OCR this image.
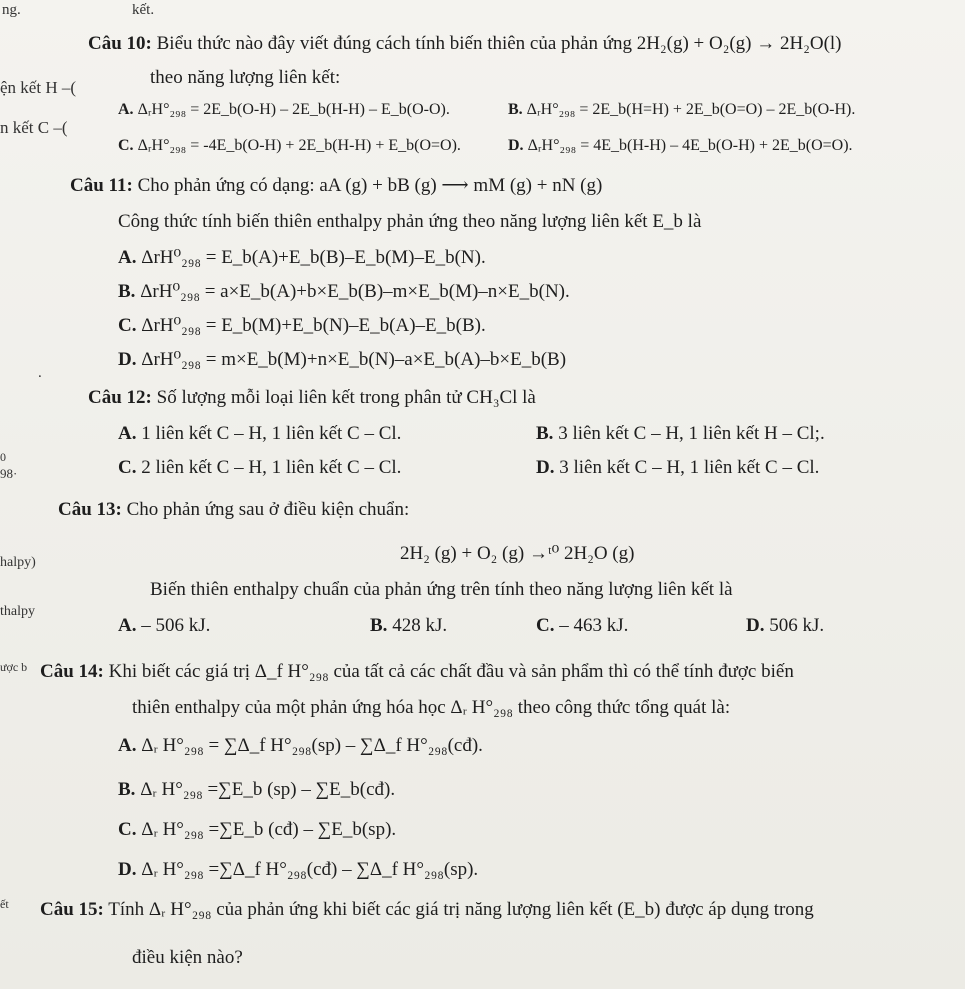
ng.	kết.
ện kết H –(
n kết C –(
.
0
98·
halpy)
thalpy
ược b
ết
Câu 10: Biểu thức nào đây viết đúng cách tính biến thiên của phản ứng 2H₂(g) + O₂(g) → 2H₂O(l)
theo năng lượng liên kết:
A. ΔᵣH°₂₉₈ = 2E_b(O-H) – 2E_b(H-H) – E_b(O-O).	B. ΔᵣH°₂₉₈ = 2E_b(H=H) + 2E_b(O=O) – 2E_b(O-H).
C. ΔᵣH°₂₉₈ = -4E_b(O-H) + 2E_b(H-H) + E_b(O=O).	D. ΔᵣH°₂₉₈ = 4E_b(H-H) – 4E_b(O-H) + 2E_b(O=O).
Câu 11: Cho phản ứng có dạng: aA (g) + bB (g) ⟶ mM (g) + nN (g)
Công thức tính biến thiên enthalpy phản ứng theo năng lượng liên kết E_b là
A. ΔrH⁰₂₉₈ = E_b(A)+E_b(B)–E_b(M)–E_b(N).
B. ΔrH⁰₂₉₈ = a×E_b(A)+b×E_b(B)–m×E_b(M)–n×E_b(N).
C. ΔrH⁰₂₉₈ = E_b(M)+E_b(N)–E_b(A)–E_b(B).
D. ΔrH⁰₂₉₈ = m×E_b(M)+n×E_b(N)–a×E_b(A)–b×E_b(B)
Câu 12: Số lượng mỗi loại liên kết trong phân tử CH₃Cl là
A. 1 liên kết C – H, 1 liên kết C – Cl.	B. 3 liên kết C – H, 1 liên kết H – Cl;.
C. 2 liên kết C – H, 1 liên kết C – Cl.	D. 3 liên kết C – H, 1 liên kết C – Cl.
Câu 13: Cho phản ứng sau ở điều kiện chuẩn:
2H₂ (g) + O₂ (g) →ᵗ⁰ 2H₂O (g)
Biến thiên enthalpy chuẩn của phản ứng trên tính theo năng lượng liên kết là
A. – 506 kJ.	B. 428 kJ.	C. – 463 kJ.	D. 506 kJ.
Câu 14: Khi biết các giá trị Δ_f H°₂₉₈ của tất cả các chất đầu và sản phẩm thì có thể tính được biến
thiên enthalpy của một phản ứng hóa học Δᵣ H°₂₉₈ theo công thức tổng quát là:
A. Δᵣ H°₂₉₈ = ∑Δ_f H°₂₉₈(sp) – ∑Δ_f H°₂₉₈(cđ).
B. Δᵣ H°₂₉₈ =∑E_b (sp) – ∑E_b(cđ).
C. Δᵣ H°₂₉₈ =∑E_b (cđ) – ∑E_b(sp).
D. Δᵣ H°₂₉₈ =∑Δ_f H°₂₉₈(cđ) – ∑Δ_f H°₂₉₈(sp).
Câu 15: Tính Δᵣ H°₂₉₈ của phản ứng khi biết các giá trị năng lượng liên kết (E_b) được áp dụng trong
điều kiện nào?
